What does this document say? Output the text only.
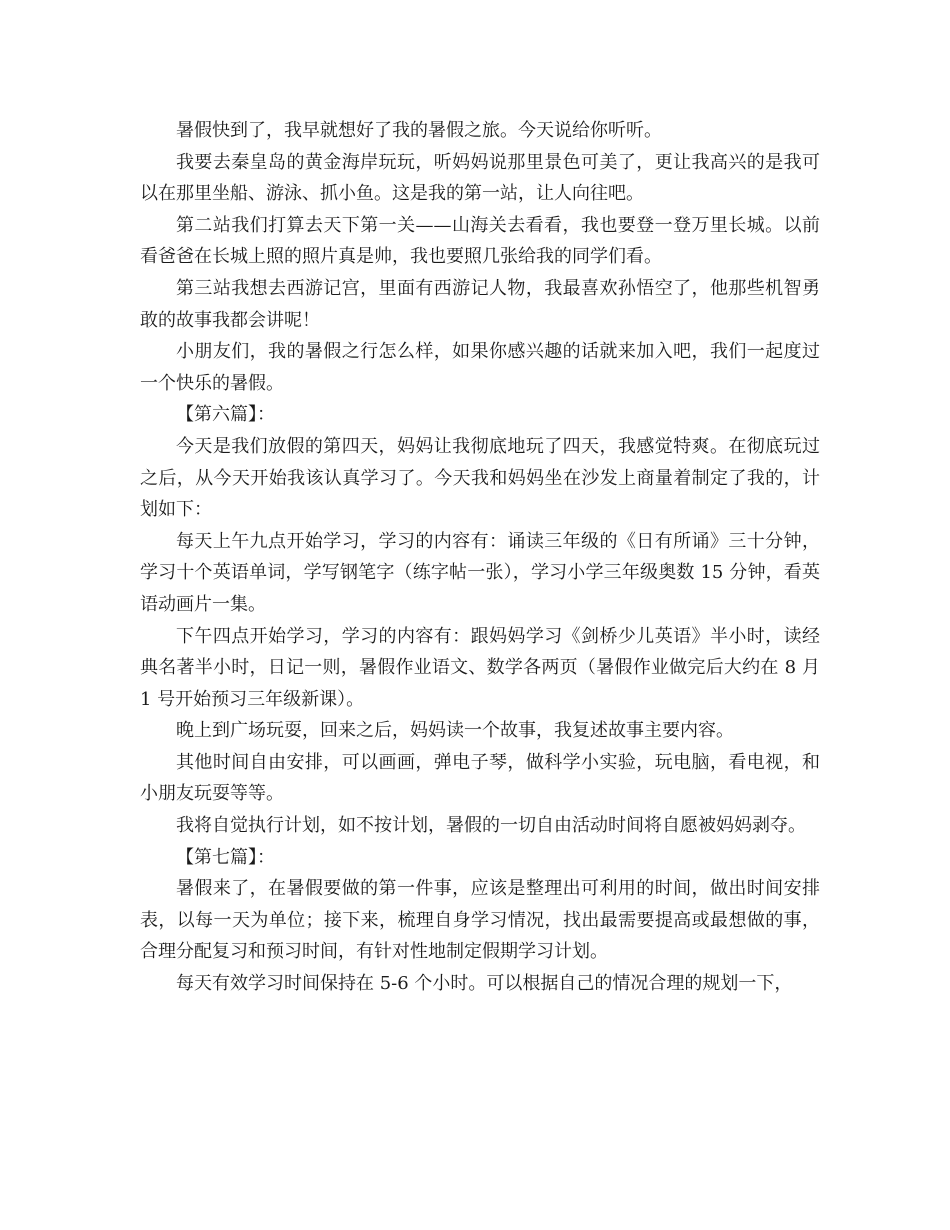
暑假快到了，我早就想好了我的暑假之旅。今天说给你听听。

我要去秦皇岛的黄金海岸玩玩，听妈妈说那里景色可美了，更让我高兴的是我可以在那里坐船、游泳、抓小鱼。这是我的第一站，让人向往吧。

第二站我们打算去天下第一关——山海关去看看，我也要登一登万里长城。以前看爸爸在长城上照的照片真是帅，我也要照几张给我的同学们看。

第三站我想去西游记宫，里面有西游记人物，我最喜欢孙悟空了，他那些机智勇敢的故事我都会讲呢！

小朋友们，我的暑假之行怎么样，如果你感兴趣的话就来加入吧，我们一起度过一个快乐的暑假。

【第六篇】：

今天是我们放假的第四天，妈妈让我彻底地玩了四天，我感觉特爽。在彻底玩过之后，从今天开始我该认真学习了。今天我和妈妈坐在沙发上商量着制定了我的，计划如下：

每天上午九点开始学习，学习的内容有：诵读三年级的《日有所诵》三十分钟，学习十个英语单词，学写钢笔字（练字帖一张），学习小学三年级奥数 15 分钟，看英语动画片一集。

下午四点开始学习，学习的内容有：跟妈妈学习《剑桥少儿英语》半小时，读经典名著半小时，日记一则，暑假作业语文、数学各两页（暑假作业做完后大约在 8 月 1 号开始预习三年级新课）。

晚上到广场玩耍，回来之后，妈妈读一个故事，我复述故事主要内容。

其他时间自由安排，可以画画，弹电子琴，做科学小实验，玩电脑，看电视，和小朋友玩耍等等。

我将自觉执行计划，如不按计划，暑假的一切自由活动时间将自愿被妈妈剥夺。

【第七篇】：

暑假来了，在暑假要做的第一件事，应该是整理出可利用的时间，做出时间安排表，以每一天为单位；接下来，梳理自身学习情况，找出最需要提高或最想做的事，合理分配复习和预习时间，有针对性地制定假期学习计划。

每天有效学习时间保持在 5-6 个小时。可以根据自己的情况合理的规划一下，
